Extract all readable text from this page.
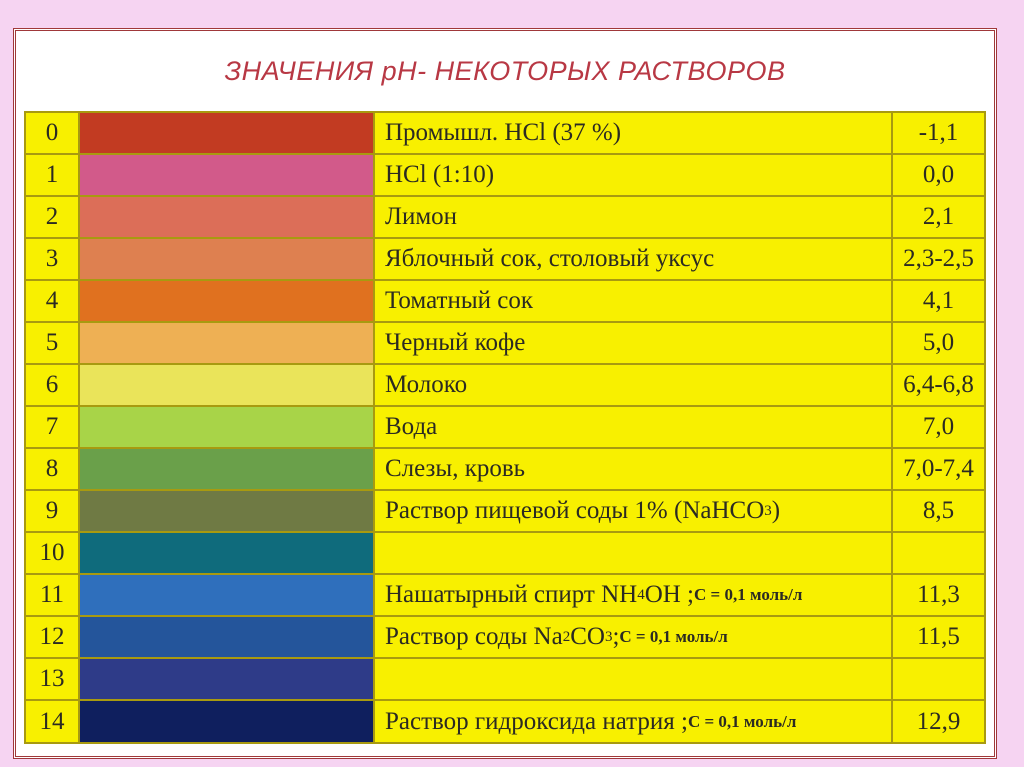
ЗНАЧЕНИЯ рН- НЕКОТОРЫХ РАСТВОРОВ
0	Промышл. HCl (37 %)	-1,1
1	HCl (1:10)	0,0
2	Лимон	2,1
3	Яблочный сок, столовый уксус	2,3-2,5
4	Томатный сок	4,1
5	Черный кофе	5,0
6	Молоко	6,4-6,8
7	Вода	7,0
8	Слезы, кровь	7,0-7,4
9	Раствор пищевой соды 1% (NaHCO 3 )	8,5
10
11	Нашатырный спирт NH 4 OH ; С = 0,1 моль/л	11,3
12	Раствор соды Na 2 CO 3 ; С = 0,1 моль/л	11,5
13
14	Раствор гидроксида натрия ; С = 0,1 моль/л	12,9
